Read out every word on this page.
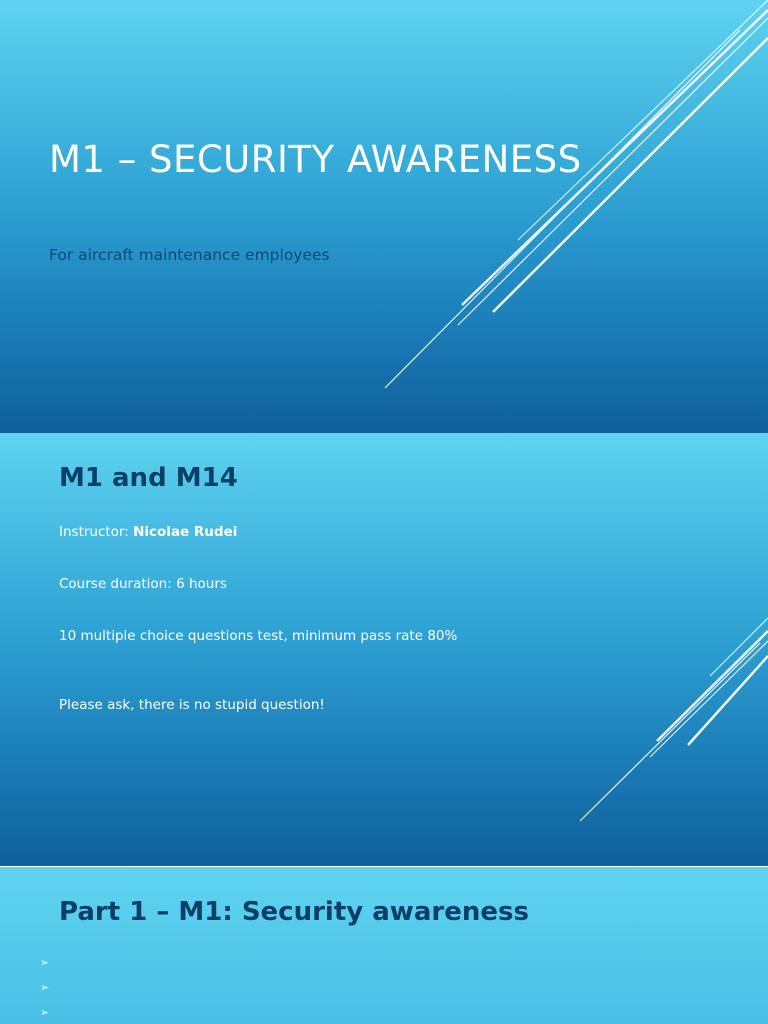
M1 – SECURITY AWARENESS
For aircraft maintenance employees
M1 and M14
Instructor: Nicolae Rudei
Course duration: 6 hours
10 multiple choice questions test, minimum pass rate 80%
Please ask, there is no stupid question!
Part 1 – M1: Security awareness
➢
➢
➢
